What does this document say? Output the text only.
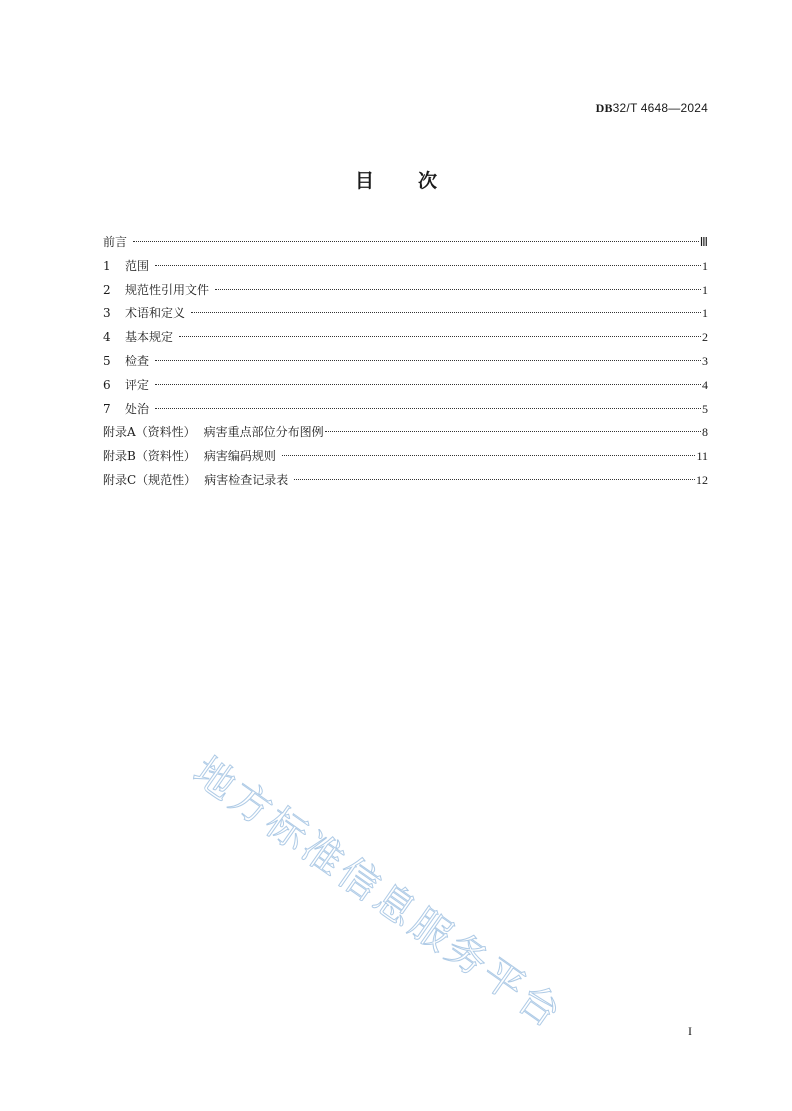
DB32/T 4648—2024
目 次
前言	Ⅲ
1	范围	1
2	规范性引用文件	1
3	术语和定义	1
4	基本规定	2
5	检查	3
6	评定	4
7	处治	5
附录A（资料性） 病害重点部位分布图例	8
附录B（资料性） 病害编码规则	11
附录C（规范性） 病害检查记录表	12
地方标准信息服务平台	I
